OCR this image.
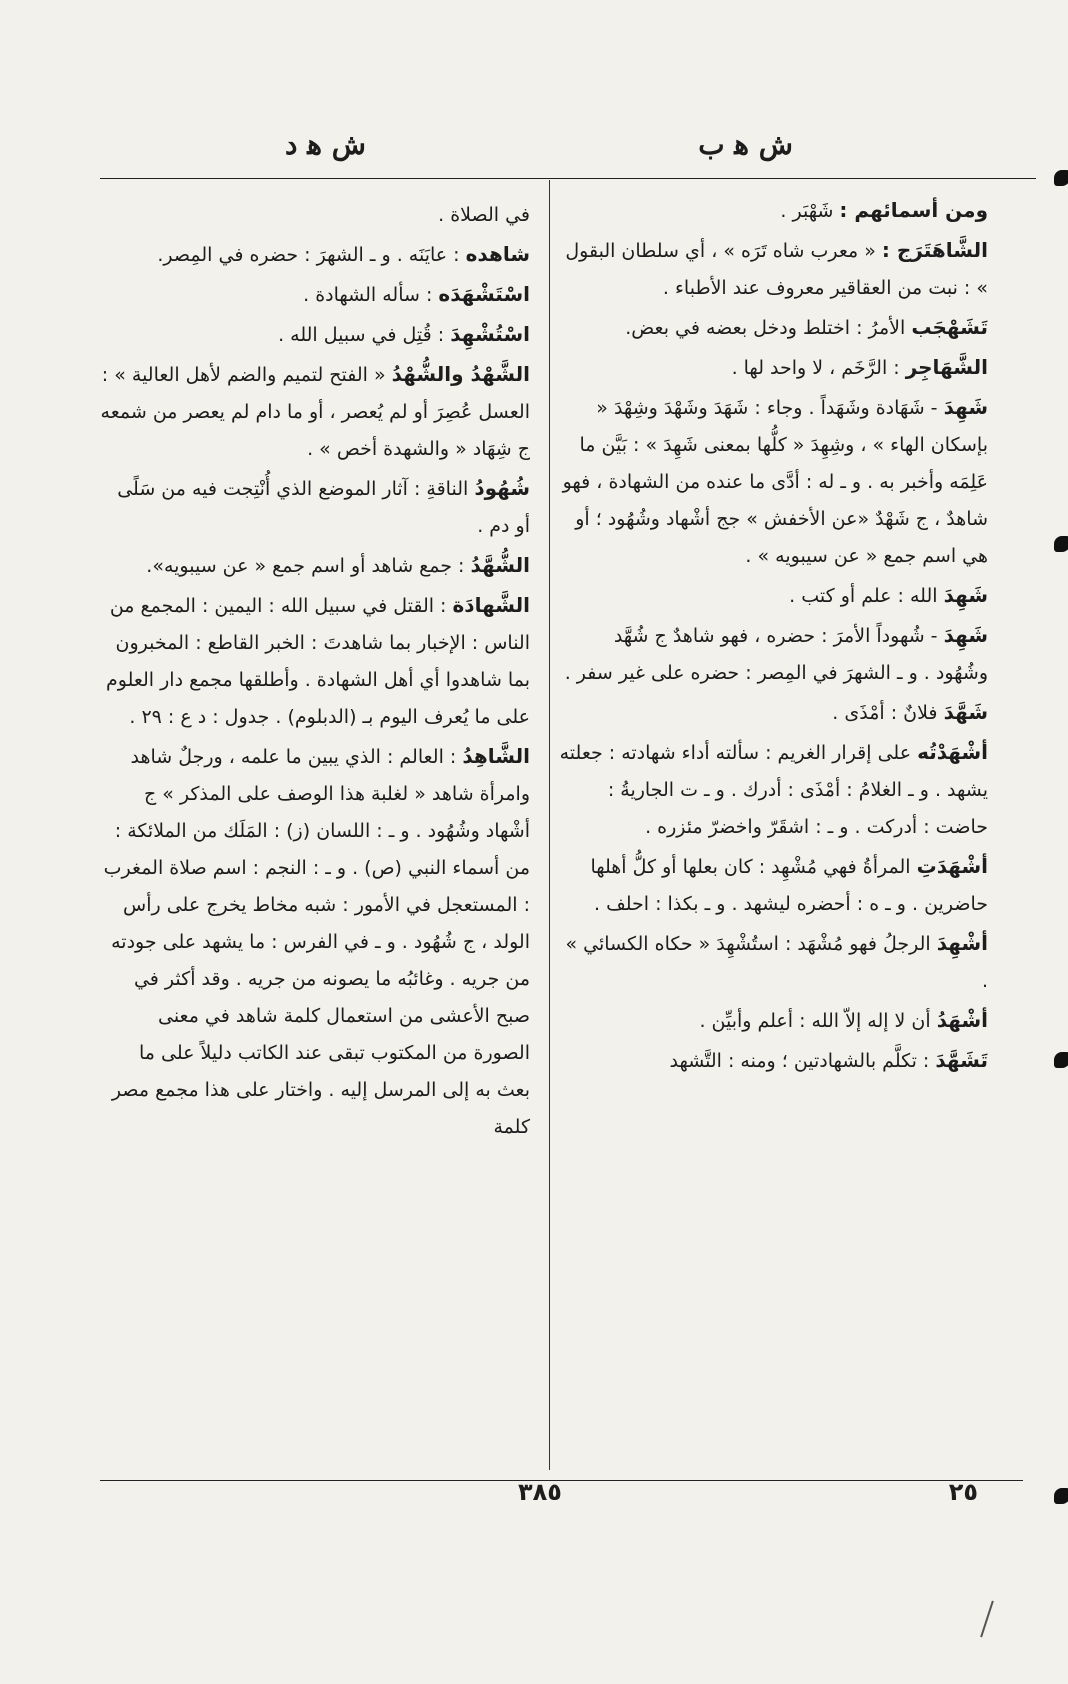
ش ﻫ ب
ش ﻫ د
ومن أسمائهم : شَهْبَر .
الشَّاهَتَرَج : « معرب شاه تَرَه » ، أي سلطان البقول » : نبت من العقاقير معروف عند الأطباء .
تَشَهْجَب الأمرُ : اختلط ودخل بعضه في بعض.
الشَّهَاجِر : الرَّخَم ، لا واحد لها .
شَهِدَ - شَهَادة وشَهَداً . وجاء : شَهَدَ وشَهْدَ وشِهْدَ « بإسكان الهاء » ، وشِهِدَ « كلُّها بمعنى شَهِدَ » : بَيَّن ما عَلِمَه وأخبر به . و ـ له : أدَّى ما عنده من الشهادة ، فهو شاهدٌ ، ج شَهْدٌ «عن الأخفش » جج أشْهاد وشُهُود ؛ أو هي اسم جمع « عن سيبويه » .
شَهِدَ الله : علم أو كتب .
شَهِدَ - شُهوداً الأمرَ : حضره ، فهو شاهدٌ ج شُهَّد وشُهُود . و ـ الشهرَ في المِصر : حضره على غير سفر .
شَهَّدَ فلانٌ : أمْذَى .
أشْهَدْتُه على إقرار الغريم : سألته أداء شهادته : جعلته يشهد . و ـ الغلامُ : أمْذَى : أدرك . و ـ ت الجاريةُ : حاضت : أدركت . و ـ : اشقَرّ واخضرّ مئزره .
أشْهَدَتِ المرأةُ فهي مُشْهِد : كان بعلها أو كلُّ أهلها حاضرين . و ـ ه : أحضره ليشهد . و ـ بكذا : احلف .
أشْهِدَ الرجلُ فهو مُشْهَد : استُشْهِدَ « حكاه الكسائي » .
أشْهَدُ أن لا إله إلاّ الله : أعلم وأبيِّن .
تَشَهَّدَ : تكلَّم بالشهادتين ؛ ومنه : التَّشهد
في الصلاة .
شاهده : عايَنَه . و ـ الشهرَ : حضره في المِصر.
اسْتَشْهَدَه : سأله الشهادة .
اسْتُشْهِدَ : قُتِل في سبيل الله .
الشَّهْدُ والشُّهْدُ « الفتح لتميم والضم لأهل العالية » : العسل عُصِرَ أو لم يُعصر ، أو ما دام لم يعصر من شمعه ج شِهَاد « والشهدة أخص » .
شُهُودُ الناقةِ : آثار الموضع الذي أُنْتِجت فيه من سَلًى أو دم .
الشُّهَّدُ : جمع شاهد أو اسم جمع « عن سيبويه».
الشَّهادَة : القتل في سبيل الله : اليمين : المجمع من الناس : الإخبار بما شاهدتَ : الخبر القاطع : المخبرون بما شاهدوا أي أهل الشهادة . وأطلقها مجمع دار العلوم على ما يُعرف اليوم بـ (الدبلوم) . جدول : د ع : ٢٩ .
الشَّاهِدُ : العالم : الذي يبين ما علمه ، ورجلٌ شاهد وامرأة شاهد « لغلبة هذا الوصف على المذكر » ج أشْهاد وشُهُود . و ـ : اللسان (ز) : المَلَك من الملائكة : من أسماء النبي (ص) . و ـ : النجم : اسم صلاة المغرب : المستعجل في الأمور : شبه مخاط يخرج على رأس الولد ، ج شُهُود . و ـ في الفرس : ما يشهد على جودته من جريه . وغائبُه ما يصونه من جريه . وقد أكثر في صبح الأعشى من استعمال كلمة شاهد في معنى الصورة من المكتوب تبقى عند الكاتب دليلاً على ما بعث به إلى المرسل إليه . واختار على هذا مجمع مصر كلمة
٢٥
٣٨٥
